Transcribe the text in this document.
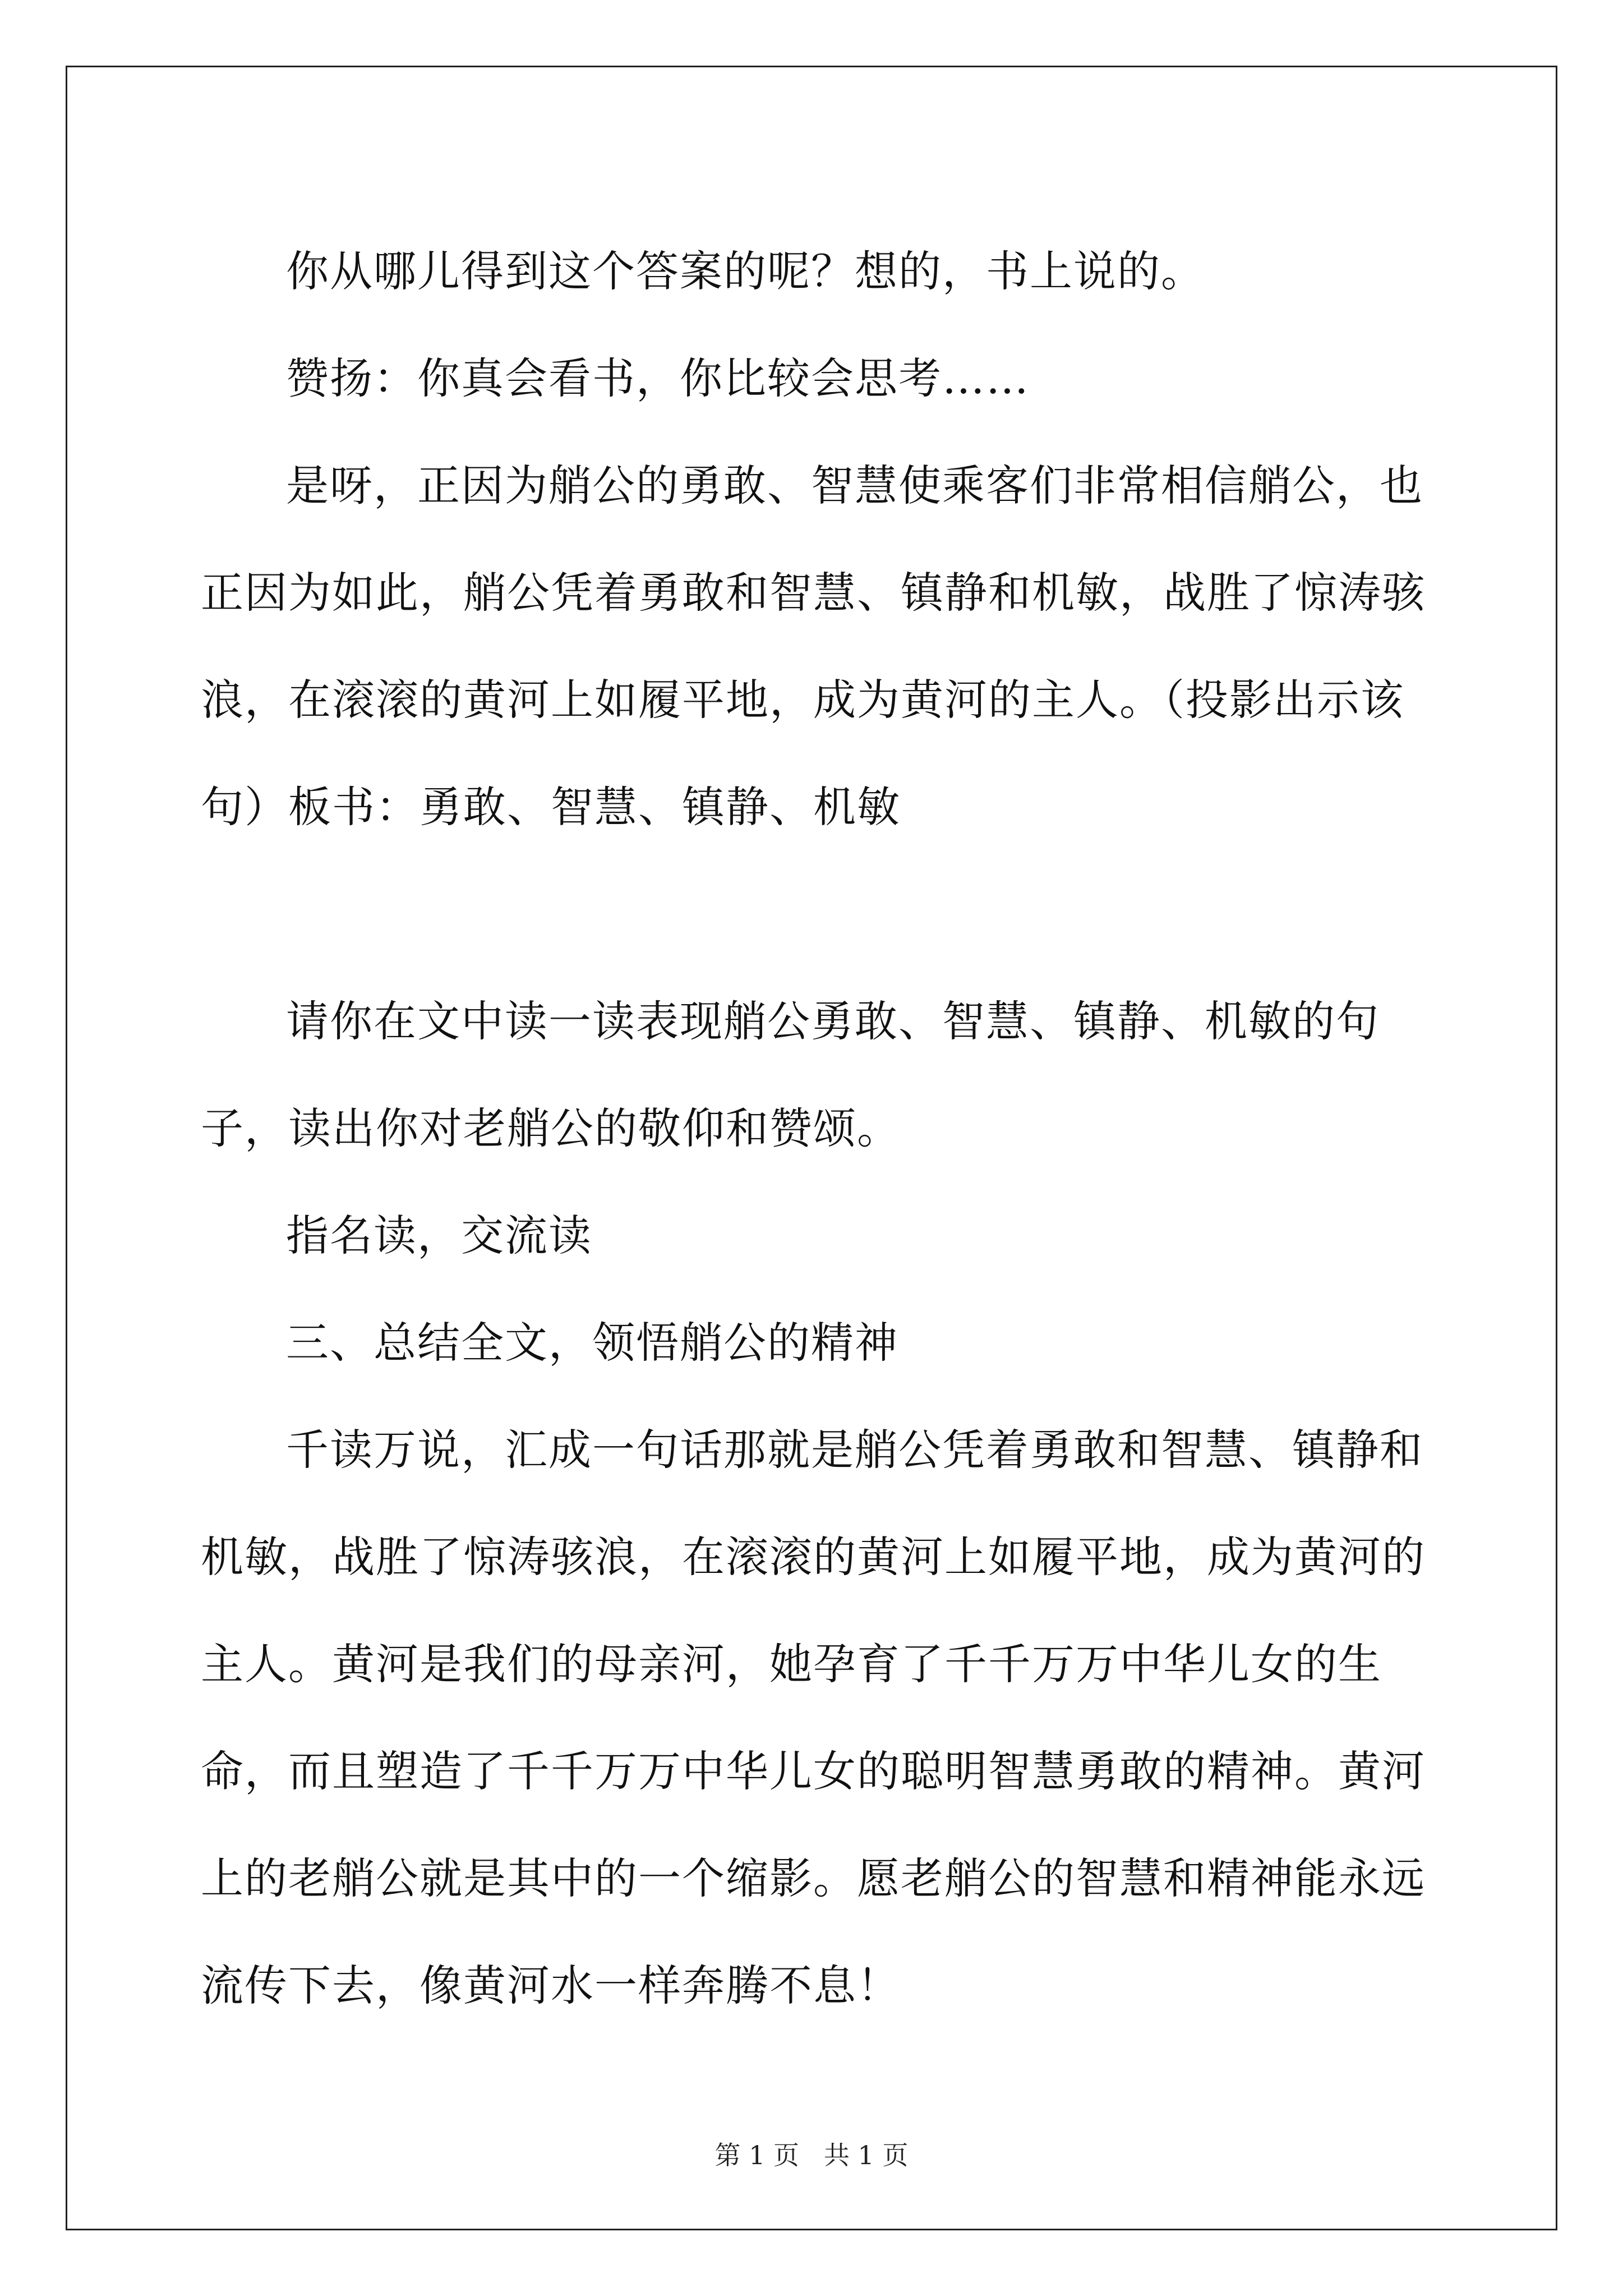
你从哪儿得到这个答案的呢？想的，书上说的。

赞扬：你真会看书，你比较会思考……

是呀，正因为艄公的勇敢、智慧使乘客们非常相信艄公，也正因为如此，艄公凭着勇敢和智慧、镇静和机敏，战胜了惊涛骇浪，在滚滚的黄河上如履平地，成为黄河的主人。（投影出示该句）板书：勇敢、智慧、镇静、机敏

请你在文中读一读表现艄公勇敢、智慧、镇静、机敏的句子，读出你对老艄公的敬仰和赞颂。

指名读，交流读

三、总结全文，领悟艄公的精神

千读万说，汇成一句话那就是艄公凭着勇敢和智慧、镇静和机敏，战胜了惊涛骇浪，在滚滚的黄河上如履平地，成为黄河的主人。黄河是我们的母亲河，她孕育了千千万万中华儿女的生命，而且塑造了千千万万中华儿女的聪明智慧勇敢的精神。黄河上的老艄公就是其中的一个缩影。愿老艄公的智慧和精神能永远流传下去，像黄河水一样奔腾不息！

第 1 页 共 1 页
